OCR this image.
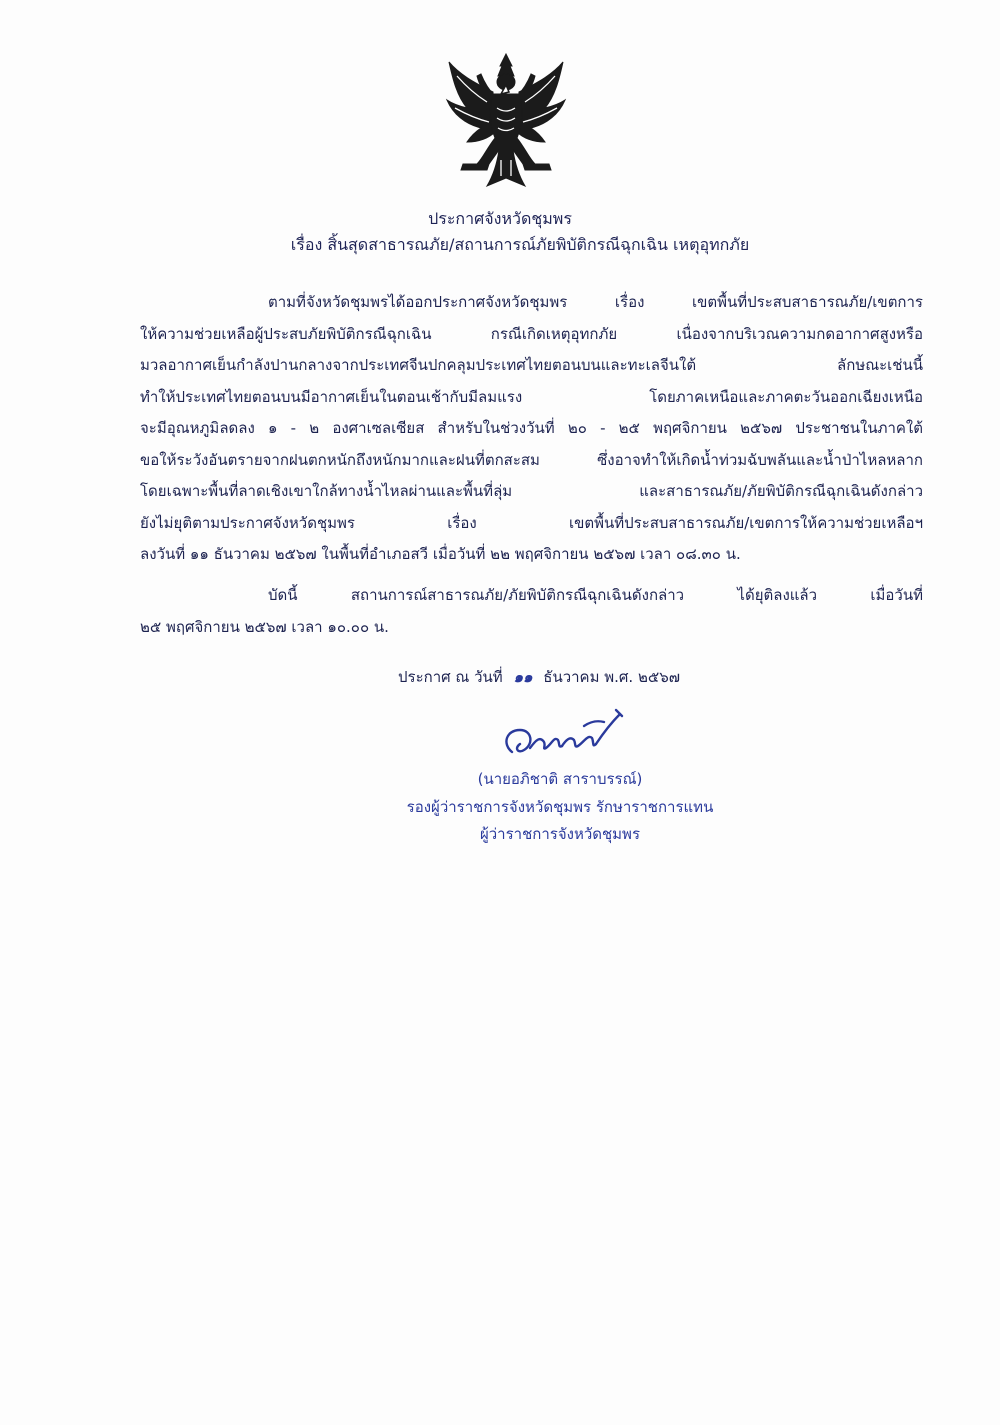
ประกาศจังหวัดชุมพร
เรื่อง สิ้นสุดสาธารณภัย/สถานการณ์ภัยพิบัติกรณีฉุกเฉิน เหตุอุทกภัย
ตามที่จังหวัดชุมพรได้ออกประกาศจังหวัดชุมพร เรื่อง เขตพื้นที่ประสบสาธารณภัย/เขตการ
ให้ความช่วยเหลือผู้ประสบภัยพิบัติกรณีฉุกเฉิน กรณีเกิดเหตุอุทกภัย เนื่องจากบริเวณความกดอากาศสูงหรือ
มวลอากาศเย็นกำลังปานกลางจากประเทศจีนปกคลุมประเทศไทยตอนบนและทะเลจีนใต้ ลักษณะเช่นนี้
ทำให้ประเทศไทยตอนบนมีอากาศเย็นในตอนเช้ากับมีลมแรง โดยภาคเหนือและภาคตะวันออกเฉียงเหนือ
จะมีอุณหภูมิลดลง ๑ - ๒ องศาเซลเซียส สำหรับในช่วงวันที่ ๒๐ - ๒๕ พฤศจิกายน ๒๕๖๗ ประชาชนในภาคใต้
ขอให้ระวังอันตรายจากฝนตกหนักถึงหนักมากและฝนที่ตกสะสม ซึ่งอาจทำให้เกิดน้ำท่วมฉับพลันและน้ำป่าไหลหลาก
โดยเฉพาะพื้นที่ลาดเชิงเขาใกล้ทางน้ำไหลผ่านและพื้นที่ลุ่ม และสาธารณภัย/ภัยพิบัติกรณีฉุกเฉินดังกล่าว
ยังไม่ยุติตามประกาศจังหวัดชุมพร เรื่อง เขตพื้นที่ประสบสาธารณภัย/เขตการให้ความช่วยเหลือฯ
ลงวันที่ ๑๑ ธันวาคม ๒๕๖๗ ในพื้นที่อำเภอสวี เมื่อวันที่ ๒๒ พฤศจิกายน ๒๕๖๗ เวลา ๐๘.๓๐ น.
บัดนี้ สถานการณ์สาธารณภัย/ภัยพิบัติกรณีฉุกเฉินดังกล่าว ได้ยุติลงแล้ว เมื่อวันที่
๒๕ พฤศจิกายน ๒๕๖๗ เวลา ๑๐.๐๐ น.
ประกาศ ณ วันที่ ๑๑ ธันวาคม พ.ศ. ๒๕๖๗
(นายอภิชาติ สาราบรรณ์)
รองผู้ว่าราชการจังหวัดชุมพร รักษาราชการแทน
ผู้ว่าราชการจังหวัดชุมพร
